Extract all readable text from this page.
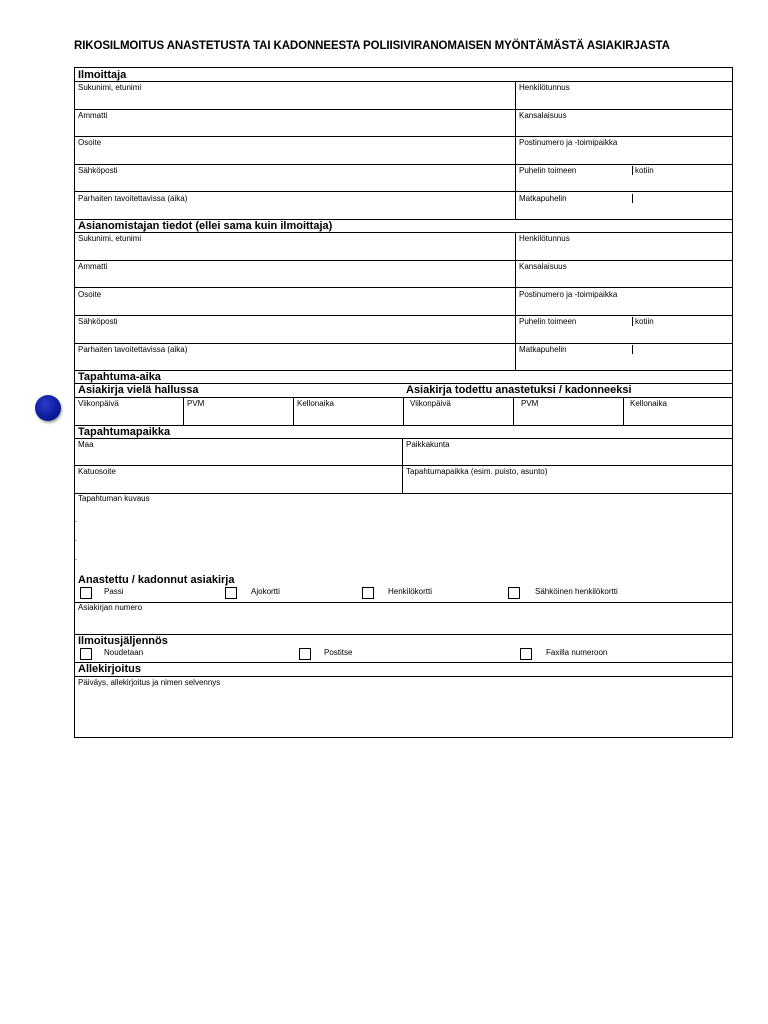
RIKOSILMOITUS ANASTETUSTA TAI KADONNEESTA POLIISIVIRANOMAISEN MYÖNTÄMÄSTÄ ASIAKIRJASTA
Ilmoittaja
Sukunimi, etunimi	Henkilötunnus
Ammatti	Kansalaisuus
Osoite	Postinumero ja -toimipaikka
Sähköposti	Puhelin toimeen	kotiin
Parhaiten tavoitettavissa (aika)	Matkapuhelin
Asianomistajan tiedot (ellei sama kuin ilmoittaja)
Sukunimi, etunimi	Henkilötunnus
Ammatti	Kansalaisuus
Osoite	Postinumero ja -toimipaikka
Sähköposti	Puhelin toimeen	kotiin
Parhaiten tavoitettavissa (aika)	Matkapuhelin
Tapahtuma-aika
Asiakirja vielä hallussa	Asiakirja todettu anastetuksi / kadonneeksi
Viikonpäivä	PVM	Kellonaika	Viikonpäivä	PVM	Kellonaika
Tapahtumapaikka
Maa	Paikkakunta
Katuosoite	Tapahtumapaikka (esim. puisto, asunto)
Tapahtuman kuvaus
.
.
.
Anastettu / kadonnut asiakirja
Passi	Ajokortti	Henkilökortti	Sähköinen henkilökortti
Asiakirjan numero
Ilmoitusjäljennös
Noudetaan	Postitse	Faxilla numeroon
Allekirjoitus
Päiväys, allekirjoitus ja nimen selvennys
